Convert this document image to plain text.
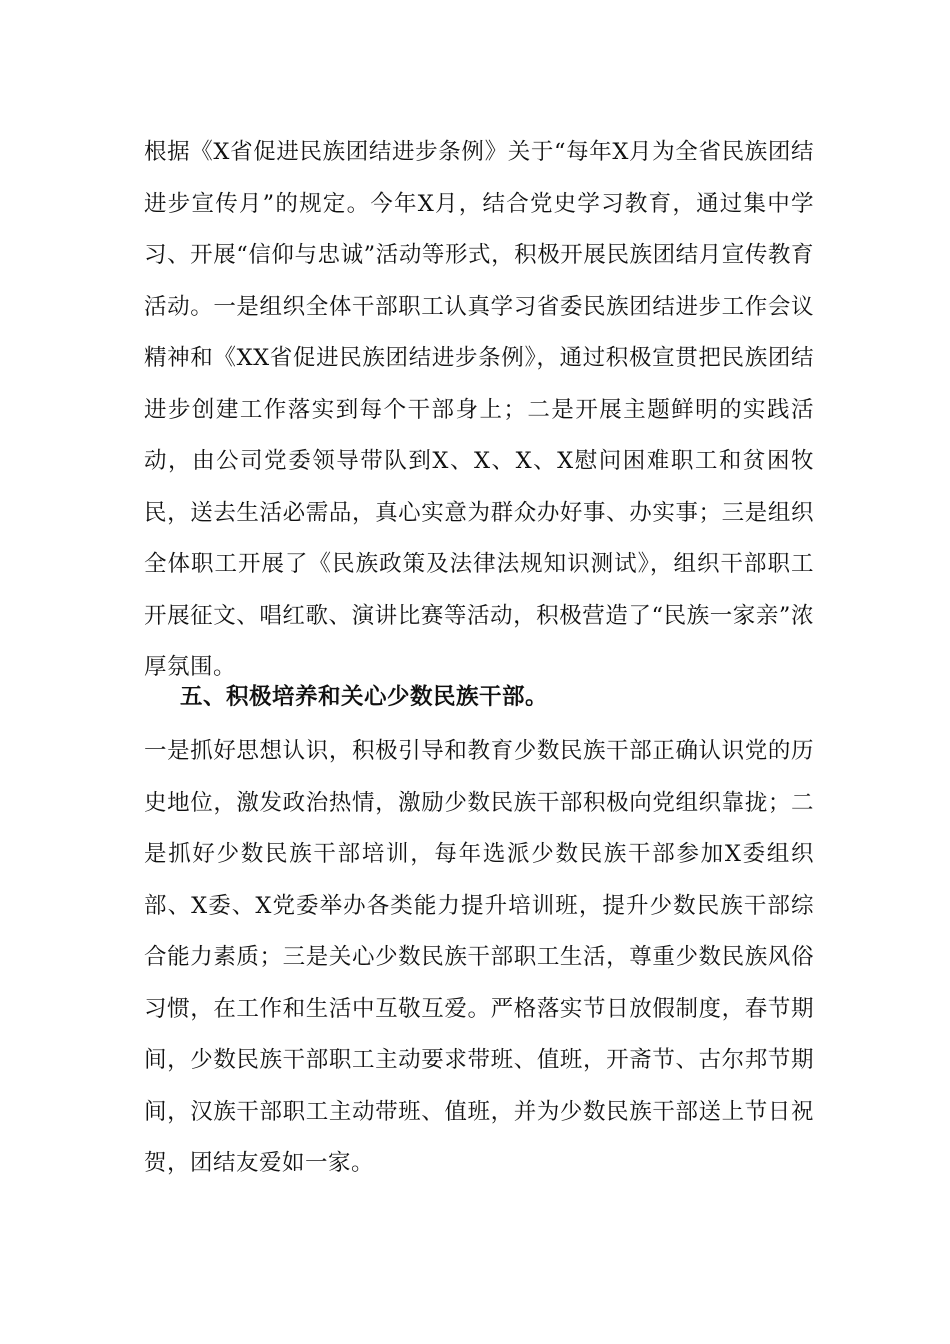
根据《X省促进民族团结进步条例》关于“每年X月为全省民族团结进步宣传月”的规定。今年X月，结合党史学习教育，通过集中学习、开展“信仰与忠诚”活动等形式，积极开展民族团结月宣传教育活动。一是组织全体干部职工认真学习省委民族团结进步工作会议精神和《XX省促进民族团结进步条例》，通过积极宣贯把民族团结进步创建工作落实到每个干部身上；二是开展主题鲜明的实践活动，由公司党委领导带队到X、X、X、X慰问困难职工和贫困牧民，送去生活必需品，真心实意为群众办好事、办实事；三是组织全体职工开展了《民族政策及法律法规知识测试》，组织干部职工开展征文、唱红歌、演讲比赛等活动，积极营造了“民族一家亲”浓厚氛围。

五、积极培养和关心少数民族干部。

一是抓好思想认识，积极引导和教育少数民族干部正确认识党的历史地位，激发政治热情，激励少数民族干部积极向党组织靠拢；二是抓好少数民族干部培训，每年选派少数民族干部参加X委组织部、X委、X党委举办各类能力提升培训班，提升少数民族干部综合能力素质；三是关心少数民族干部职工生活，尊重少数民族风俗习惯，在工作和生活中互敬互爱。严格落实节日放假制度，春节期间，少数民族干部职工主动要求带班、值班，开斋节、古尔邦节期间，汉族干部职工主动带班、值班，并为少数民族干部送上节日祝贺，团结友爱如一家。
